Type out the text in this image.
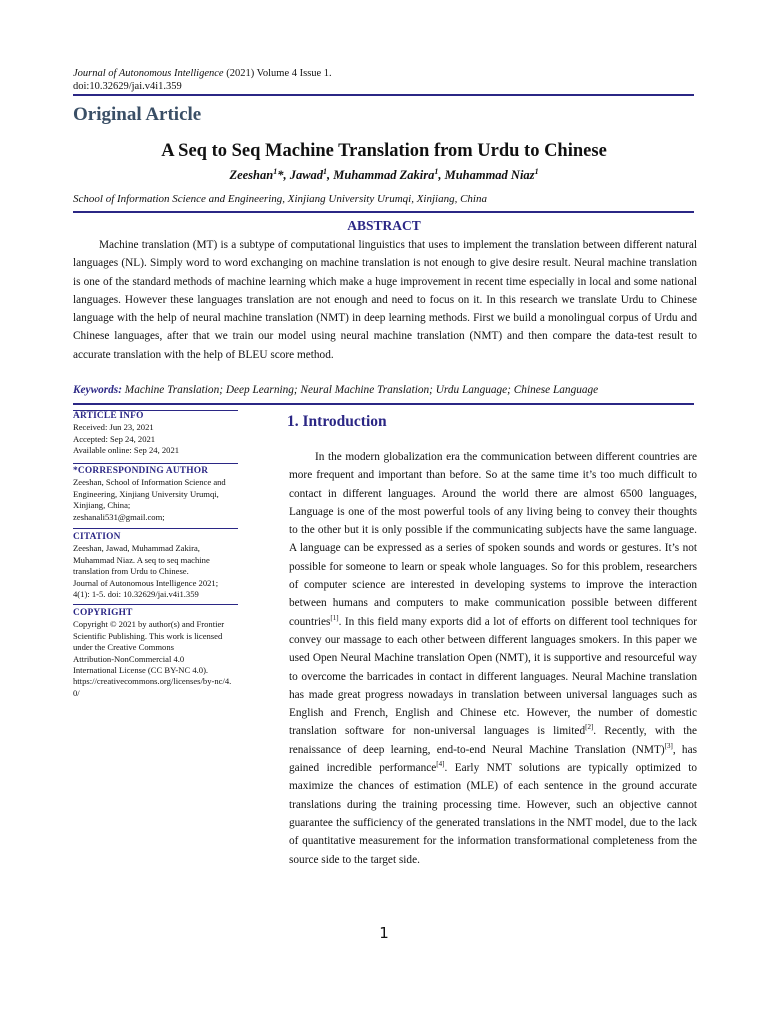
Journal of Autonomous Intelligence (2021) Volume 4 Issue 1.
doi:10.32629/jai.v4i1.359
Original Article
A Seq to Seq Machine Translation from Urdu to Chinese
Zeeshan$^1$*, Jawad$^1$, Muhammad Zakira$^1$, Muhammad Niaz$^1$
School of Information Science and Engineering, Xinjiang University Urumqi, Xinjiang, China
ABSTRACT
Machine translation (MT) is a subtype of computational linguistics that uses to implement the translation between different natural languages (NL). Simply word to word exchanging on machine translation is not enough to give desire result. Neural machine translation is one of the standard methods of machine learning which make a huge improvement in recent time especially in local and some national languages. However these languages translation are not enough and need to focus on it. In this research we translate Urdu to Chinese language with the help of neural machine translation (NMT) in deep learning methods. First we build a monolingual corpus of Urdu and Chinese languages, after that we train our model using neural machine translation (NMT) and then compare the data-test result to accurate translation with the help of BLEU score method.
Keywords: Machine Translation; Deep Learning; Neural Machine Translation; Urdu Language; Chinese Language
ARTICLE INFO
Received: Jun 23, 2021
Accepted: Sep 24, 2021
Available online: Sep 24, 2021
*CORRESPONDING AUTHOR
Zeeshan, School of Information Science and
Engineering, Xinjiang University Urumqi,
Xinjiang, China;
zeshanali531@gmail.com;
CITATION
Zeeshan, Jawad, Muhammad Zakira,
Muhammad Niaz. A seq to seq machine
translation from Urdu to Chinese.
Journal of Autonomous Intelligence 2021;
4(1): 1-5. doi: 10.32629/jai.v4i1.359
COPYRIGHT
Copyright © 2021 by author(s) and Frontier
Scientific Publishing. This work is licensed
under the Creative Commons
Attribution-NonCommercial 4.0
International License (CC BY-NC 4.0).
https://creativecommons.org/licenses/by-nc/4.
0/
1. Introduction
In the modern globalization era the communication between different countries are more frequent and important than before. So at the same time it’s too much difficult to contact in different languages. Around the world there are almost 6500 languages, Language is one of the most powerful tools of any living being to convey their thoughts to the other but it is only possible if the communicating subjects have the same language. A language can be expressed as a series of spoken sounds and words or gestures. It’s not possible for someone to learn or speak whole languages. So for this problem, researchers of computer science are interested in developing systems to improve the interaction between humans and computers to make communication possible between different countries[1]. In this field many exports did a lot of efforts on different tool techniques for convey our massage to each other between different languages smokers. In this paper we used Open Neural Machine translation Open (NMT), it is supportive and resourceful way to overcome the barricades in contact in different languages. Neural Machine translation has made great progress nowadays in translation between universal languages such as English and French, English and Chinese etc. However, the number of domestic translation software for non-universal languages is limited[2]. Recently, with the renaissance of deep learning, end-to-end Neural Machine Translation (NMT)[3], has gained incredible performance[4]. Early NMT solutions are typically optimized to maximize the chances of estimation (MLE) of each sentence in the ground accurate translations during the training processing time. However, such an objective cannot guarantee the sufficiency of the generated translations in the NMT model, due to the lack of quantitative measurement for the information transformational completeness from the source side to the target side.
1
